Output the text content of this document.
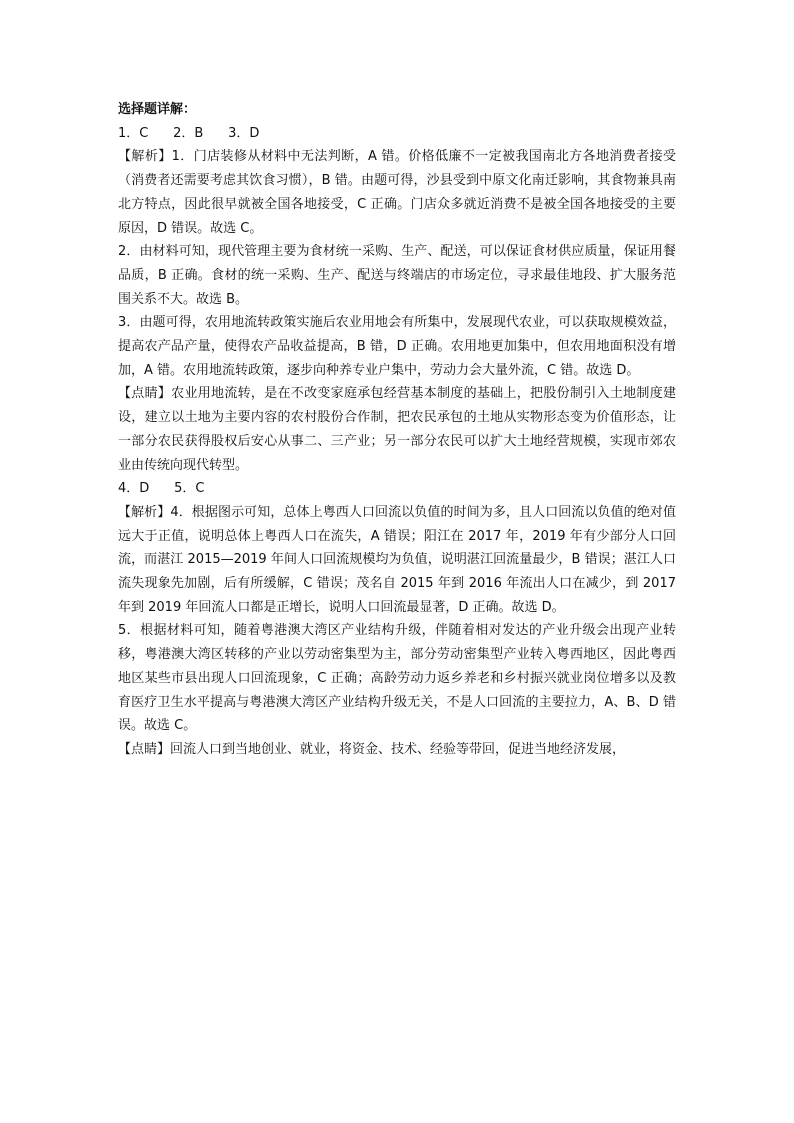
选择题详解：

1．C      2．B      3．D

【解析】1．门店装修从材料中无法判断，A 错。价格低廉不一定被我国南北方各地消费者接受（消费者还需要考虑其饮食习惯），B 错。由题可得，沙县受到中原文化南迁影响，其食物兼具南北方特点，因此很早就被全国各地接受，C 正确。门店众多就近消费不是被全国各地接受的主要原因，D 错误。故选 C。

2．由材料可知，现代管理主要为食材统一采购、生产、配送，可以保证食材供应质量，保证用餐品质，B 正确。食材的统一采购、生产、配送与终端店的市场定位，寻求最佳地段、扩大服务范围关系不大。故选 B。

3．由题可得，农用地流转政策实施后农业用地会有所集中，发展现代农业，可以获取规模效益，提高农产品产量，使得农产品收益提高，B 错，D 正确。农用地更加集中，但农用地面积没有增加，A 错。农用地流转政策，逐步向种养专业户集中，劳动力会大量外流，C 错。故选 D。

【点睛】农业用地流转，是在不改变家庭承包经营基本制度的基础上，把股份制引入土地制度建设，建立以土地为主要内容的农村股份合作制，把农民承包的土地从实物形态变为价值形态，让一部分农民获得股权后安心从事二、三产业；另一部分农民可以扩大土地经营规模，实现市郊农业由传统向现代转型。

4．D      5．C

【解析】4．根据图示可知，总体上粤西人口回流以负值的时间为多，且人口回流以负值的绝对值远大于正值，说明总体上粤西人口在流失，A 错误；阳江在 2017 年，2019 年有少部分人口回流，而湛江 2015—2019 年间人口回流规模均为负值，说明湛江回流量最少，B 错误；湛江人口流失现象先加剧，后有所缓解，C 错误；茂名自 2015 年到 2016 年流出人口在减少，到 2017 年到 2019 年回流人口都是正增长，说明人口回流最显著，D 正确。故选 D。

5．根据材料可知，随着粤港澳大湾区产业结构升级，伴随着相对发达的产业升级会出现产业转移，粤港澳大湾区转移的产业以劳动密集型为主，部分劳动密集型产业转入粤西地区，因此粤西地区某些市县出现人口回流现象，C 正确；高龄劳动力返乡养老和乡村振兴就业岗位增多以及教育医疗卫生水平提高与粤港澳大湾区产业结构升级无关，不是人口回流的主要拉力，A、B、D 错误。故选 C。

【点睛】回流人口到当地创业、就业，将资金、技术、经验等带回，促进当地经济发展，
